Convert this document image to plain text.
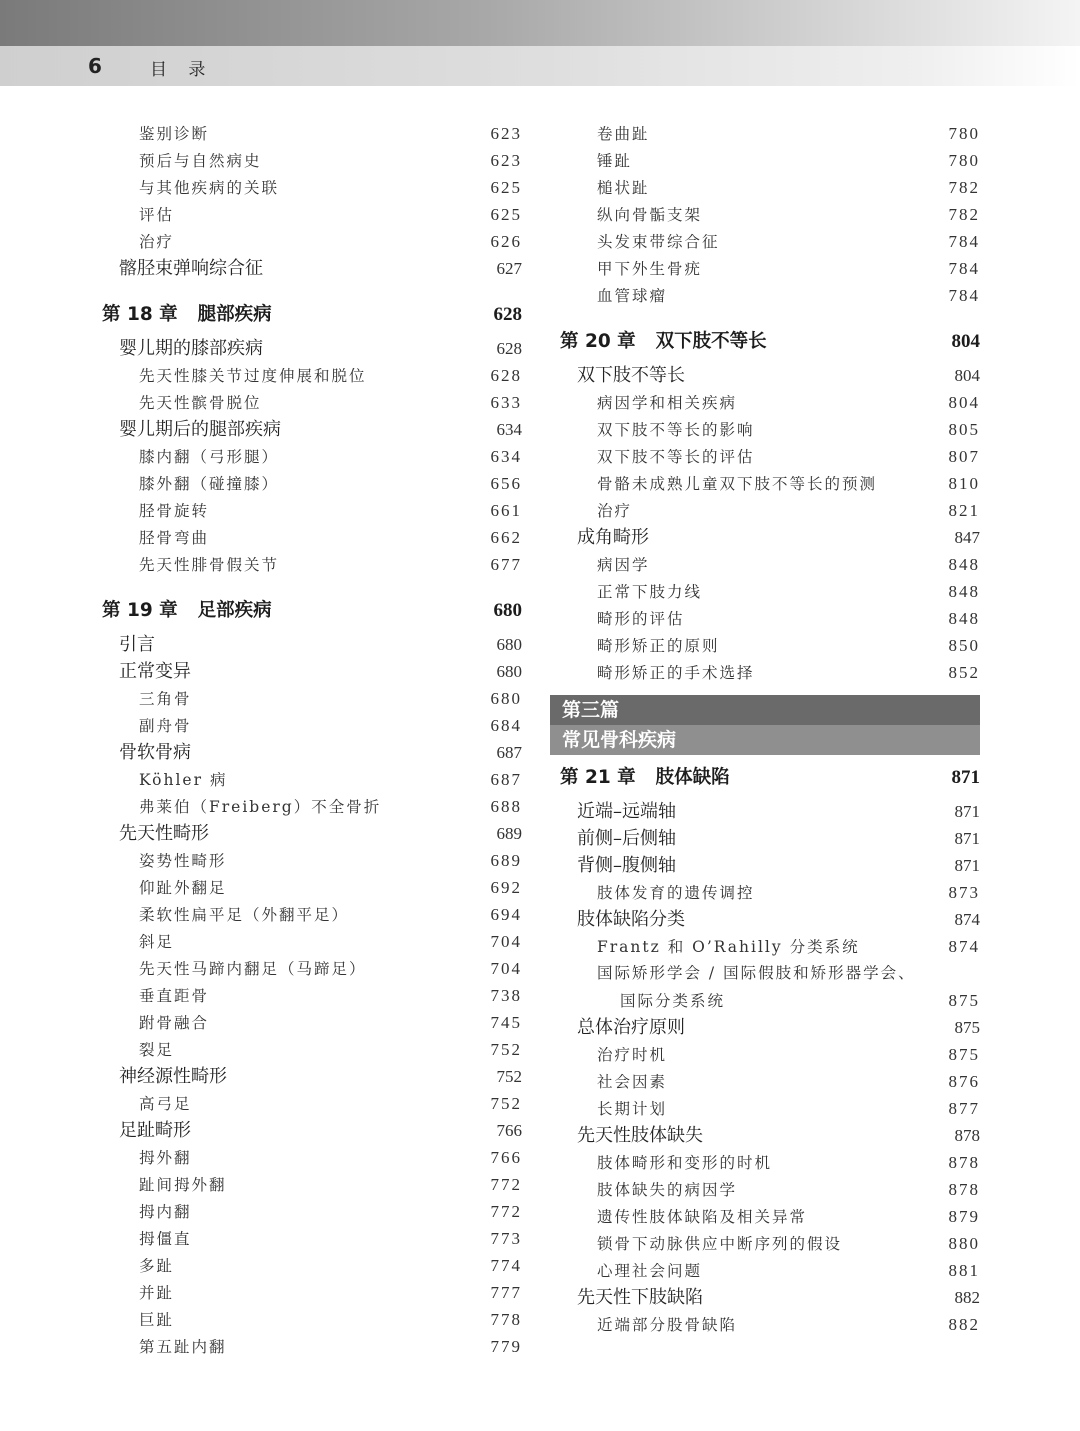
6	目 录
鉴别诊断	623
预后与自然病史	623
与其他疾病的关联	625
评估	625
治疗	626
髂胫束弹响综合征	627
第 18 章 腿部疾病	628
婴儿期的膝部疾病	628
先天性膝关节过度伸展和脱位	628
先天性髌骨脱位	633
婴儿期后的腿部疾病	634
膝内翻（弓形腿）	634
膝外翻（碰撞膝）	656
胫骨旋转	661
胫骨弯曲	662
先天性腓骨假关节	677
第 19 章 足部疾病	680
引言	680
正常变异	680
三角骨	680
副舟骨	684
骨软骨病	687
Köhler 病	687
弗莱伯（Freiberg）不全骨折	688
先天性畸形	689
姿势性畸形	689
仰趾外翻足	692
柔软性扁平足（外翻平足）	694
斜足	704
先天性马蹄内翻足（马蹄足）	704
垂直距骨	738
跗骨融合	745
裂足	752
神经源性畸形	752
高弓足	752
足趾畸形	766
拇外翻	766
趾间拇外翻	772
拇内翻	772
拇僵直	773
多趾	774
并趾	777
巨趾	778
第五趾内翻	779
卷曲趾	780
锤趾	780
槌状趾	782
纵向骨骺支架	782
头发束带综合征	784
甲下外生骨疣	784
血管球瘤	784
第 20 章 双下肢不等长	804
双下肢不等长	804
病因学和相关疾病	804
双下肢不等长的影响	805
双下肢不等长的评估	807
骨骼未成熟儿童双下肢不等长的预测	810
治疗	821
成角畸形	847
病因学	848
正常下肢力线	848
畸形的评估	848
畸形矫正的原则	850
畸形矫正的手术选择	852
第三篇
常见骨科疾病
第 21 章 肢体缺陷	871
近端–远端轴	871
前侧–后侧轴	871
背侧–腹侧轴	871
肢体发育的遗传调控	873
肢体缺陷分类	874
Frantz 和 O’Rahilly 分类系统	874
国际矫形学会 / 国际假肢和矫形器学会、
国际分类系统	875
总体治疗原则	875
治疗时机	875
社会因素	876
长期计划	877
先天性肢体缺失	878
肢体畸形和变形的时机	878
肢体缺失的病因学	878
遗传性肢体缺陷及相关异常	879
锁骨下动脉供应中断序列的假设	880
心理社会问题	881
先天性下肢缺陷	882
近端部分股骨缺陷	882
